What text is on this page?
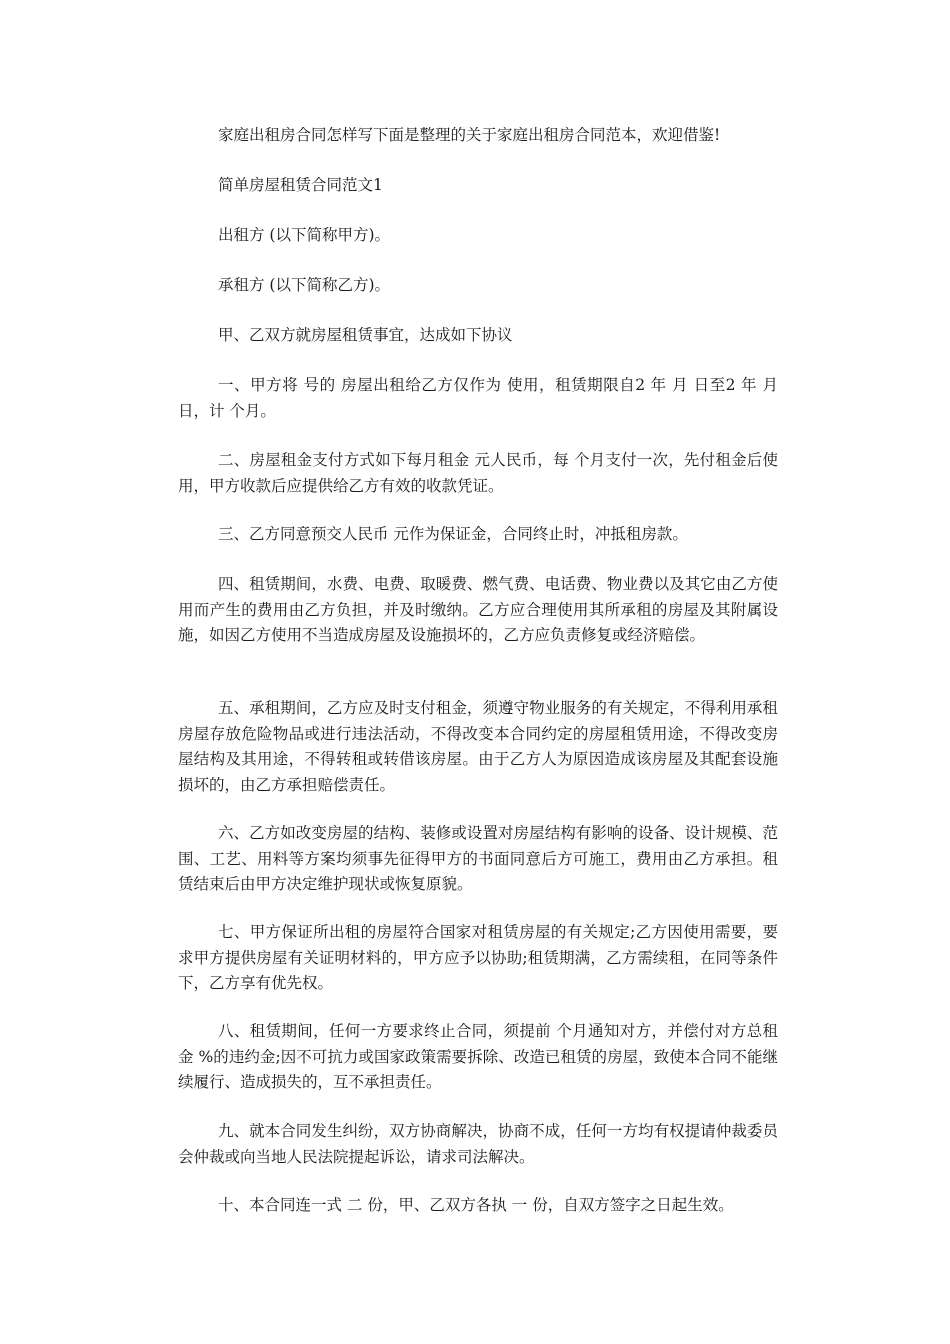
家庭出租房合同怎样写下面是整理的关于家庭出租房合同范本，欢迎借鉴!

简单房屋租赁合同范文1

出租方 (以下简称甲方)。

承租方 (以下简称乙方)。

甲、乙双方就房屋租赁事宜，达成如下协议

一、甲方将 号的 房屋出租给乙方仅作为 使用，租赁期限自2 年 月 日至2 年 月 日，计 个月。

二、房屋租金支付方式如下每月租金 元人民币，每 个月支付一次，先付租金后使用，甲方收款后应提供给乙方有效的收款凭证。

三、乙方同意预交人民币 元作为保证金，合同终止时，冲抵租房款。

四、租赁期间，水费、电费、取暖费、燃气费、电话费、物业费以及其它由乙方使用而产生的费用由乙方负担，并及时缴纳。乙方应合理使用其所承租的房屋及其附属设施，如因乙方使用不当造成房屋及设施损坏的，乙方应负责修复或经济赔偿。

五、承租期间，乙方应及时支付租金，须遵守物业服务的有关规定，不得利用承租房屋存放危险物品或进行违法活动，不得改变本合同约定的房屋租赁用途，不得改变房屋结构及其用途，不得转租或转借该房屋。由于乙方人为原因造成该房屋及其配套设施损坏的，由乙方承担赔偿责任。

六、乙方如改变房屋的结构、装修或设置对房屋结构有影响的设备、设计规模、范围、工艺、用料等方案均须事先征得甲方的书面同意后方可施工，费用由乙方承担。租赁结束后由甲方决定维护现状或恢复原貌。

七、甲方保证所出租的房屋符合国家对租赁房屋的有关规定;乙方因使用需要，要求甲方提供房屋有关证明材料的，甲方应予以协助;租赁期满，乙方需续租，在同等条件下，乙方享有优先权。

八、租赁期间，任何一方要求终止合同，须提前 个月通知对方，并偿付对方总租金 %的违约金;因不可抗力或国家政策需要拆除、改造已租赁的房屋，致使本合同不能继续履行、造成损失的，互不承担责任。

九、就本合同发生纠纷，双方协商解决，协商不成，任何一方均有权提请仲裁委员会仲裁或向当地人民法院提起诉讼，请求司法解决。

十、本合同连一式 二 份，甲、乙双方各执 一 份，自双方签字之日起生效。
